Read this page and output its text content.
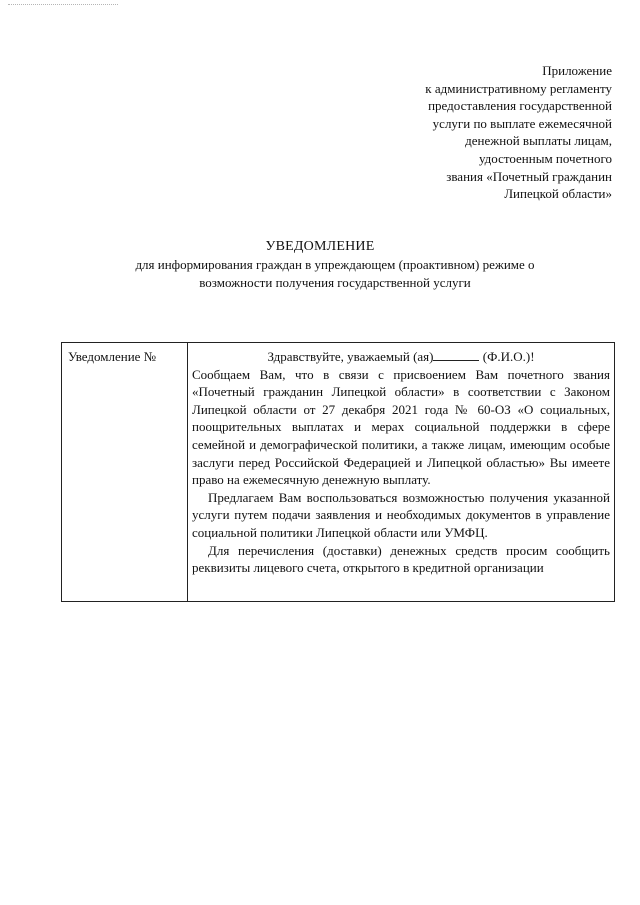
Приложение
к административному регламенту
предоставления государственной
услуги по выплате ежемесячной
денежной выплаты лицам,
удостоенным почетного
звания «Почетный гражданин
Липецкой области»
УВЕДОМЛЕНИЕ
для информирования граждан в упреждающем (проактивном) режиме о возможности получения государственной услуги
Уведомление №	Здравствуйте, уважаемый (ая)	(Ф.И.О.)!

Сообщаем Вам, что в связи с присвоением Вам почетного звания «Почетный гражданин Липецкой области» в соответствии с Законом Липецкой области от 27 декабря 2021 года № 60-ОЗ «О социальных, поощрительных выплатах и мерах социальной поддержки в сфере семейной и демографической политики, а также лицам, имеющим особые заслуги перед Российской Федерацией и Липецкой областью» Вы имеете право на ежемесячную денежную выплату.

Предлагаем Вам воспользоваться возможностью получения указанной услуги путем подачи заявления и необходимых документов в управление социальной политики Липецкой области или УМФЦ.

Для перечисления (доставки) денежных средств просим сообщить реквизиты лицевого счета, открытого в кредитной организации
